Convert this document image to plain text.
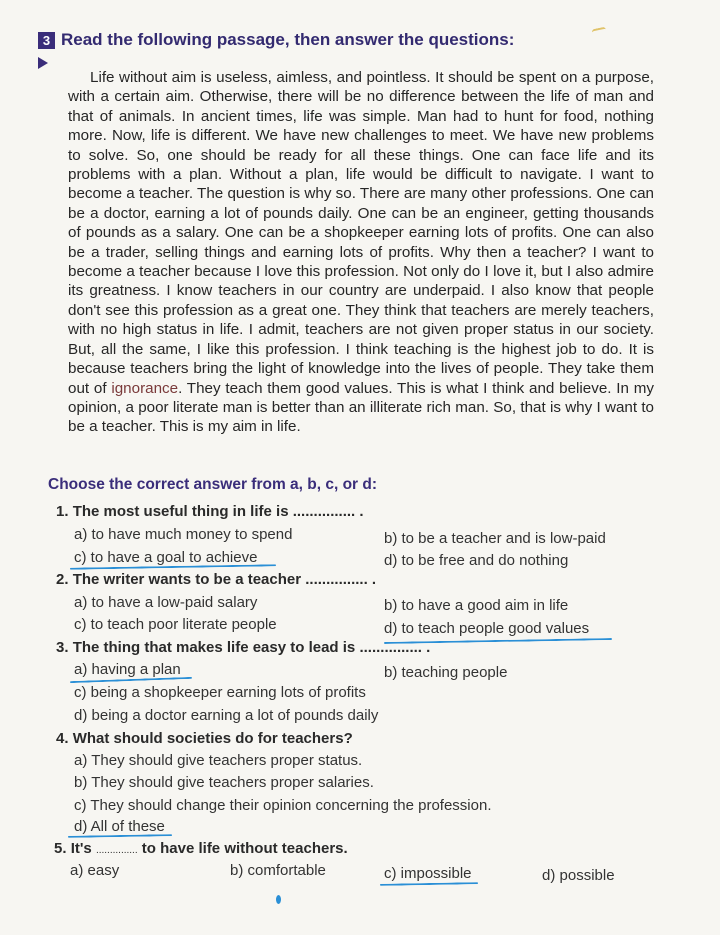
3 Read the following passage, then answer the questions:
Life without aim is useless, aimless, and pointless. It should be spent on a purpose, with a certain aim. Otherwise, there will be no difference between the life of man and that of animals. In ancient times, life was simple. Man had to hunt for food, nothing more. Now, life is different. We have new challenges to meet. We have new problems to solve. So, one should be ready for all these things. One can face life and its problems with a plan. Without a plan, life would be difficult to navigate. I want to become a teacher. The question is why so. There are many other professions. One can be a doctor, earning a lot of pounds daily. One can be an engineer, getting thousands of pounds as a salary. One can be a shopkeeper earning lots of profits. One can also be a trader, selling things and earning lots of profits. Why then a teacher? I want to become a teacher because I love this profession. Not only do I love it, but I also admire its greatness. I know teachers in our country are underpaid. I also know that people don't see this profession as a great one. They think that teachers are merely teachers, with no high status in life. I admit, teachers are not given proper status in our society. But, all the same, I like this profession. I think teaching is the highest job to do. It is because teachers bring the light of knowledge into the lives of people. They take them out of ignorance. They teach them good values. This is what I think and believe. In my opinion, a poor literate man is better than an illiterate rich man. So, that is why I want to be a teacher. This is my aim in life.
Choose the correct answer from a, b, c, or d:
1. The most useful thing in life is ............... .
a) to have much money to spend	b) to be a teacher and is low-paid
c) to have a goal to achieve	d) to be free and do nothing
2. The writer wants to be a teacher ............... .
a) to have a low-paid salary	b) to have a good aim in life
c) to teach poor literate people	d) to teach people good values
3. The thing that makes life easy to lead is ............... .
a) having a plan	b) teaching people
c) being a shopkeeper earning lots of profits
d) being a doctor earning a lot of pounds daily
4. What should societies do for teachers?
a) They should give teachers proper status.
b) They should give teachers proper salaries.
c) They should change their opinion concerning the profession.
d) All of these
5. It's ............... to have life without teachers.
a) easy	b) comfortable	c) impossible	d) possible
